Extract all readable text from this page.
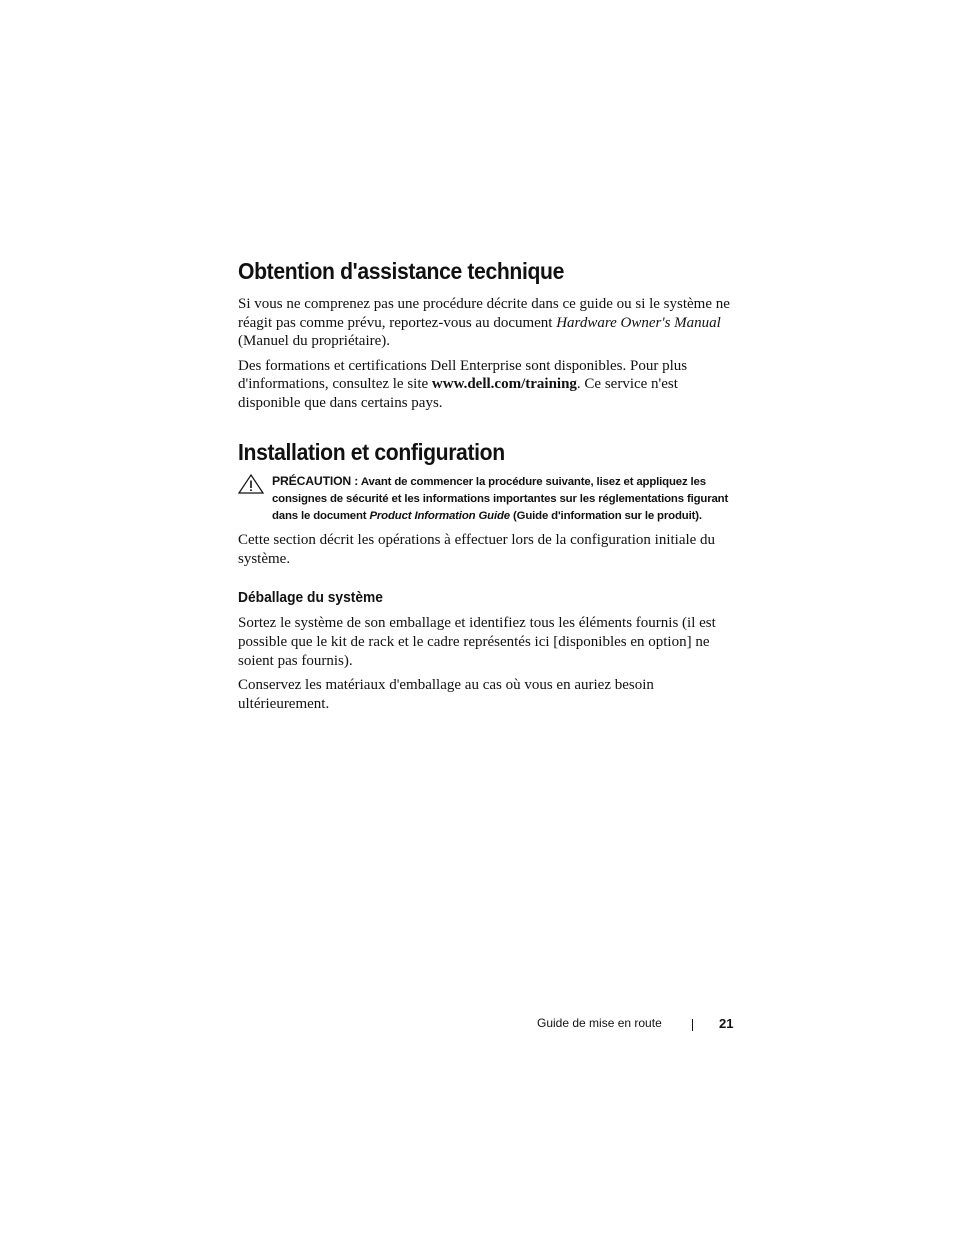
Obtention d'assistance technique

Si vous ne comprenez pas une procédure décrite dans ce guide ou si le système ne réagit pas comme prévu, reportez-vous au document Hardware Owner's Manual (Manuel du propriétaire).

Des formations et certifications Dell Enterprise sont disponibles. Pour plus d'informations, consultez le site www.dell.com/training. Ce service n'est disponible que dans certains pays.

Installation et configuration
PRÉCAUTION : Avant de commencer la procédure suivante, lisez et appliquez les consignes de sécurité et les informations importantes sur les réglementations figurant dans le document Product Information Guide (Guide d'information sur le produit).

Cette section décrit les opérations à effectuer lors de la configuration initiale du système.

Déballage du système

Sortez le système de son emballage et identifiez tous les éléments fournis (il est possible que le kit de rack et le cadre représentés ici [disponibles en option] ne soient pas fournis).

Conservez les matériaux d'emballage au cas où vous en auriez besoin ultérieurement.

Guide de mise en route	21
